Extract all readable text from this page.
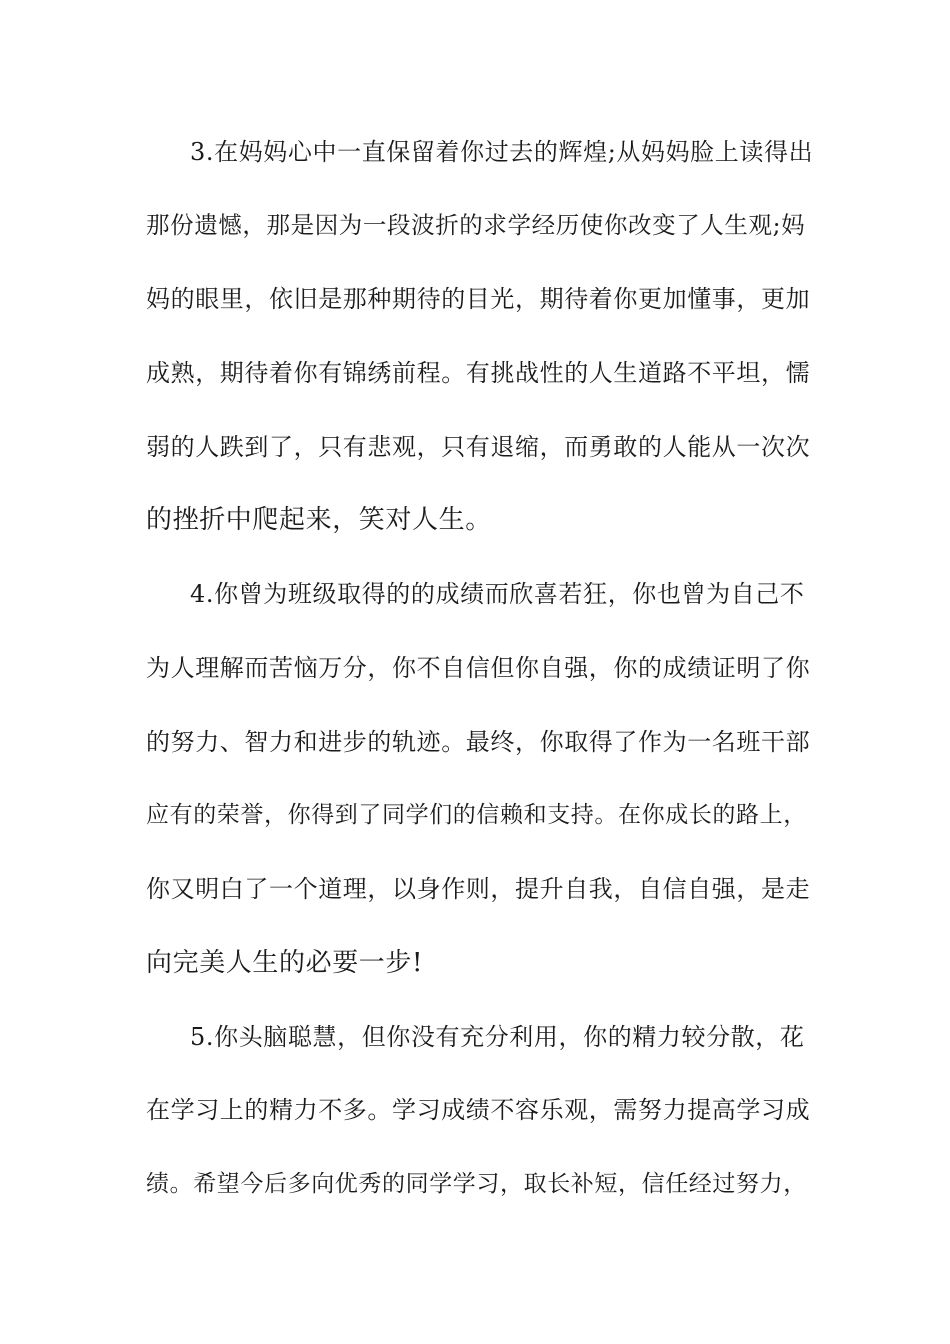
3.在妈妈心中一直保留着你过去的辉煌;从妈妈脸上读得出
那份遗憾，那是因为一段波折的求学经历使你改变了人生观;妈
妈的眼里，依旧是那种期待的目光，期待着你更加懂事，更加
成熟，期待着你有锦绣前程。有挑战性的人生道路不平坦，懦
弱的人跌到了，只有悲观，只有退缩，而勇敢的人能从一次次
的挫折中爬起来，笑对人生。
4.你曾为班级取得的的成绩而欣喜若狂，你也曾为自己不
为人理解而苦恼万分，你不自信但你自强，你的成绩证明了你
的努力、智力和进步的轨迹。最终，你取得了作为一名班干部
应有的荣誉，你得到了同学们的信赖和支持。在你成长的路上，
你又明白了一个道理，以身作则，提升自我，自信自强，是走
向完美人生的必要一步!
5.你头脑聪慧，但你没有充分利用，你的精力较分散，花
在学习上的精力不多。学习成绩不容乐观，需努力提高学习成
绩。希望今后多向优秀的同学学习，取长补短，信任经过努力，
